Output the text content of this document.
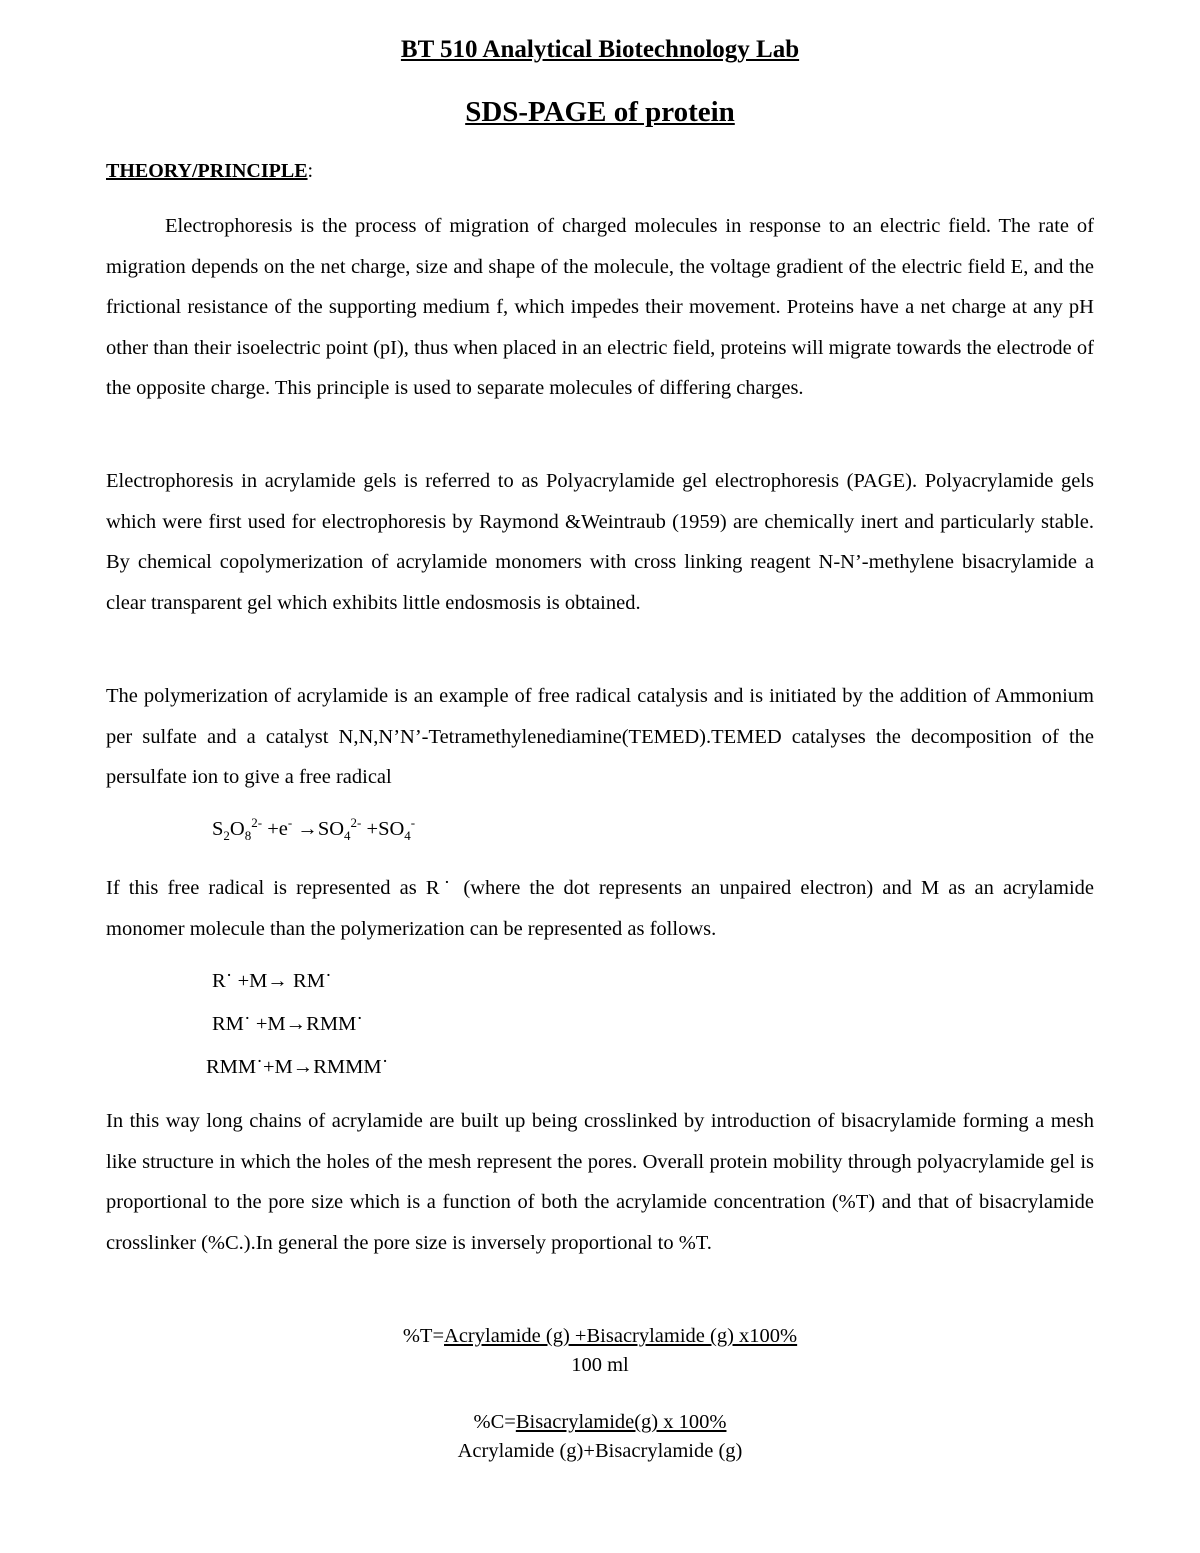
BT 510 Analytical Biotechnology Lab
SDS-PAGE of protein
THEORY/PRINCIPLE:

Electrophoresis is the process of migration of charged molecules in response to an electric field. The rate of migration depends on the net charge, size and shape of the molecule, the voltage gradient of the electric field E, and the frictional resistance of the supporting medium f, which impedes their movement. Proteins have a net charge at any pH other than their isoelectric point (pI), thus when placed in an electric field, proteins will migrate towards the electrode of the opposite charge. This principle is used to separate molecules of differing charges.

Electrophoresis in acrylamide gels is referred to as Polyacrylamide gel electrophoresis (PAGE). Polyacrylamide gels which were first used for electrophoresis by Raymond &Weintraub (1959) are chemically inert and particularly stable. By chemical copolymerization of acrylamide monomers with cross linking reagent N-N’-methylene bisacrylamide a clear transparent gel which exhibits little endosmosis is obtained.

The polymerization of acrylamide is an example of free radical catalysis and is initiated by the addition of Ammonium per sulfate and a catalyst N,N,N’N’-Tetramethylenediamine(TEMED).TEMED catalyses the decomposition of the persulfate ion to give a free radical

$S_2O_8^{2-} +e^- \to SO_4^{2-} +SO_4^-$

If this free radical is represented as R˙ (where the dot represents an unpaired electron) and M as an acrylamide monomer molecule than the polymerization can be represented as follows.

R˙ +M→ RM˙
RM˙ +M→RMM˙
RMM˙+M→RMMM˙

In this way long chains of acrylamide are built up being crosslinked by introduction of bisacrylamide forming a mesh like structure in which the holes of the mesh represent the pores. Overall protein mobility through polyacrylamide gel is proportional to the pore size which is a function of both the acrylamide concentration (%T) and that of bisacrylamide crosslinker (%C.).In general the pore size is inversely proportional to %T.

%T=Acrylamide (g) +Bisacrylamide (g) x100%
100 ml
%C=Bisacrylamide(g) x 100%
Acrylamide (g)+Bisacrylamide (g)
